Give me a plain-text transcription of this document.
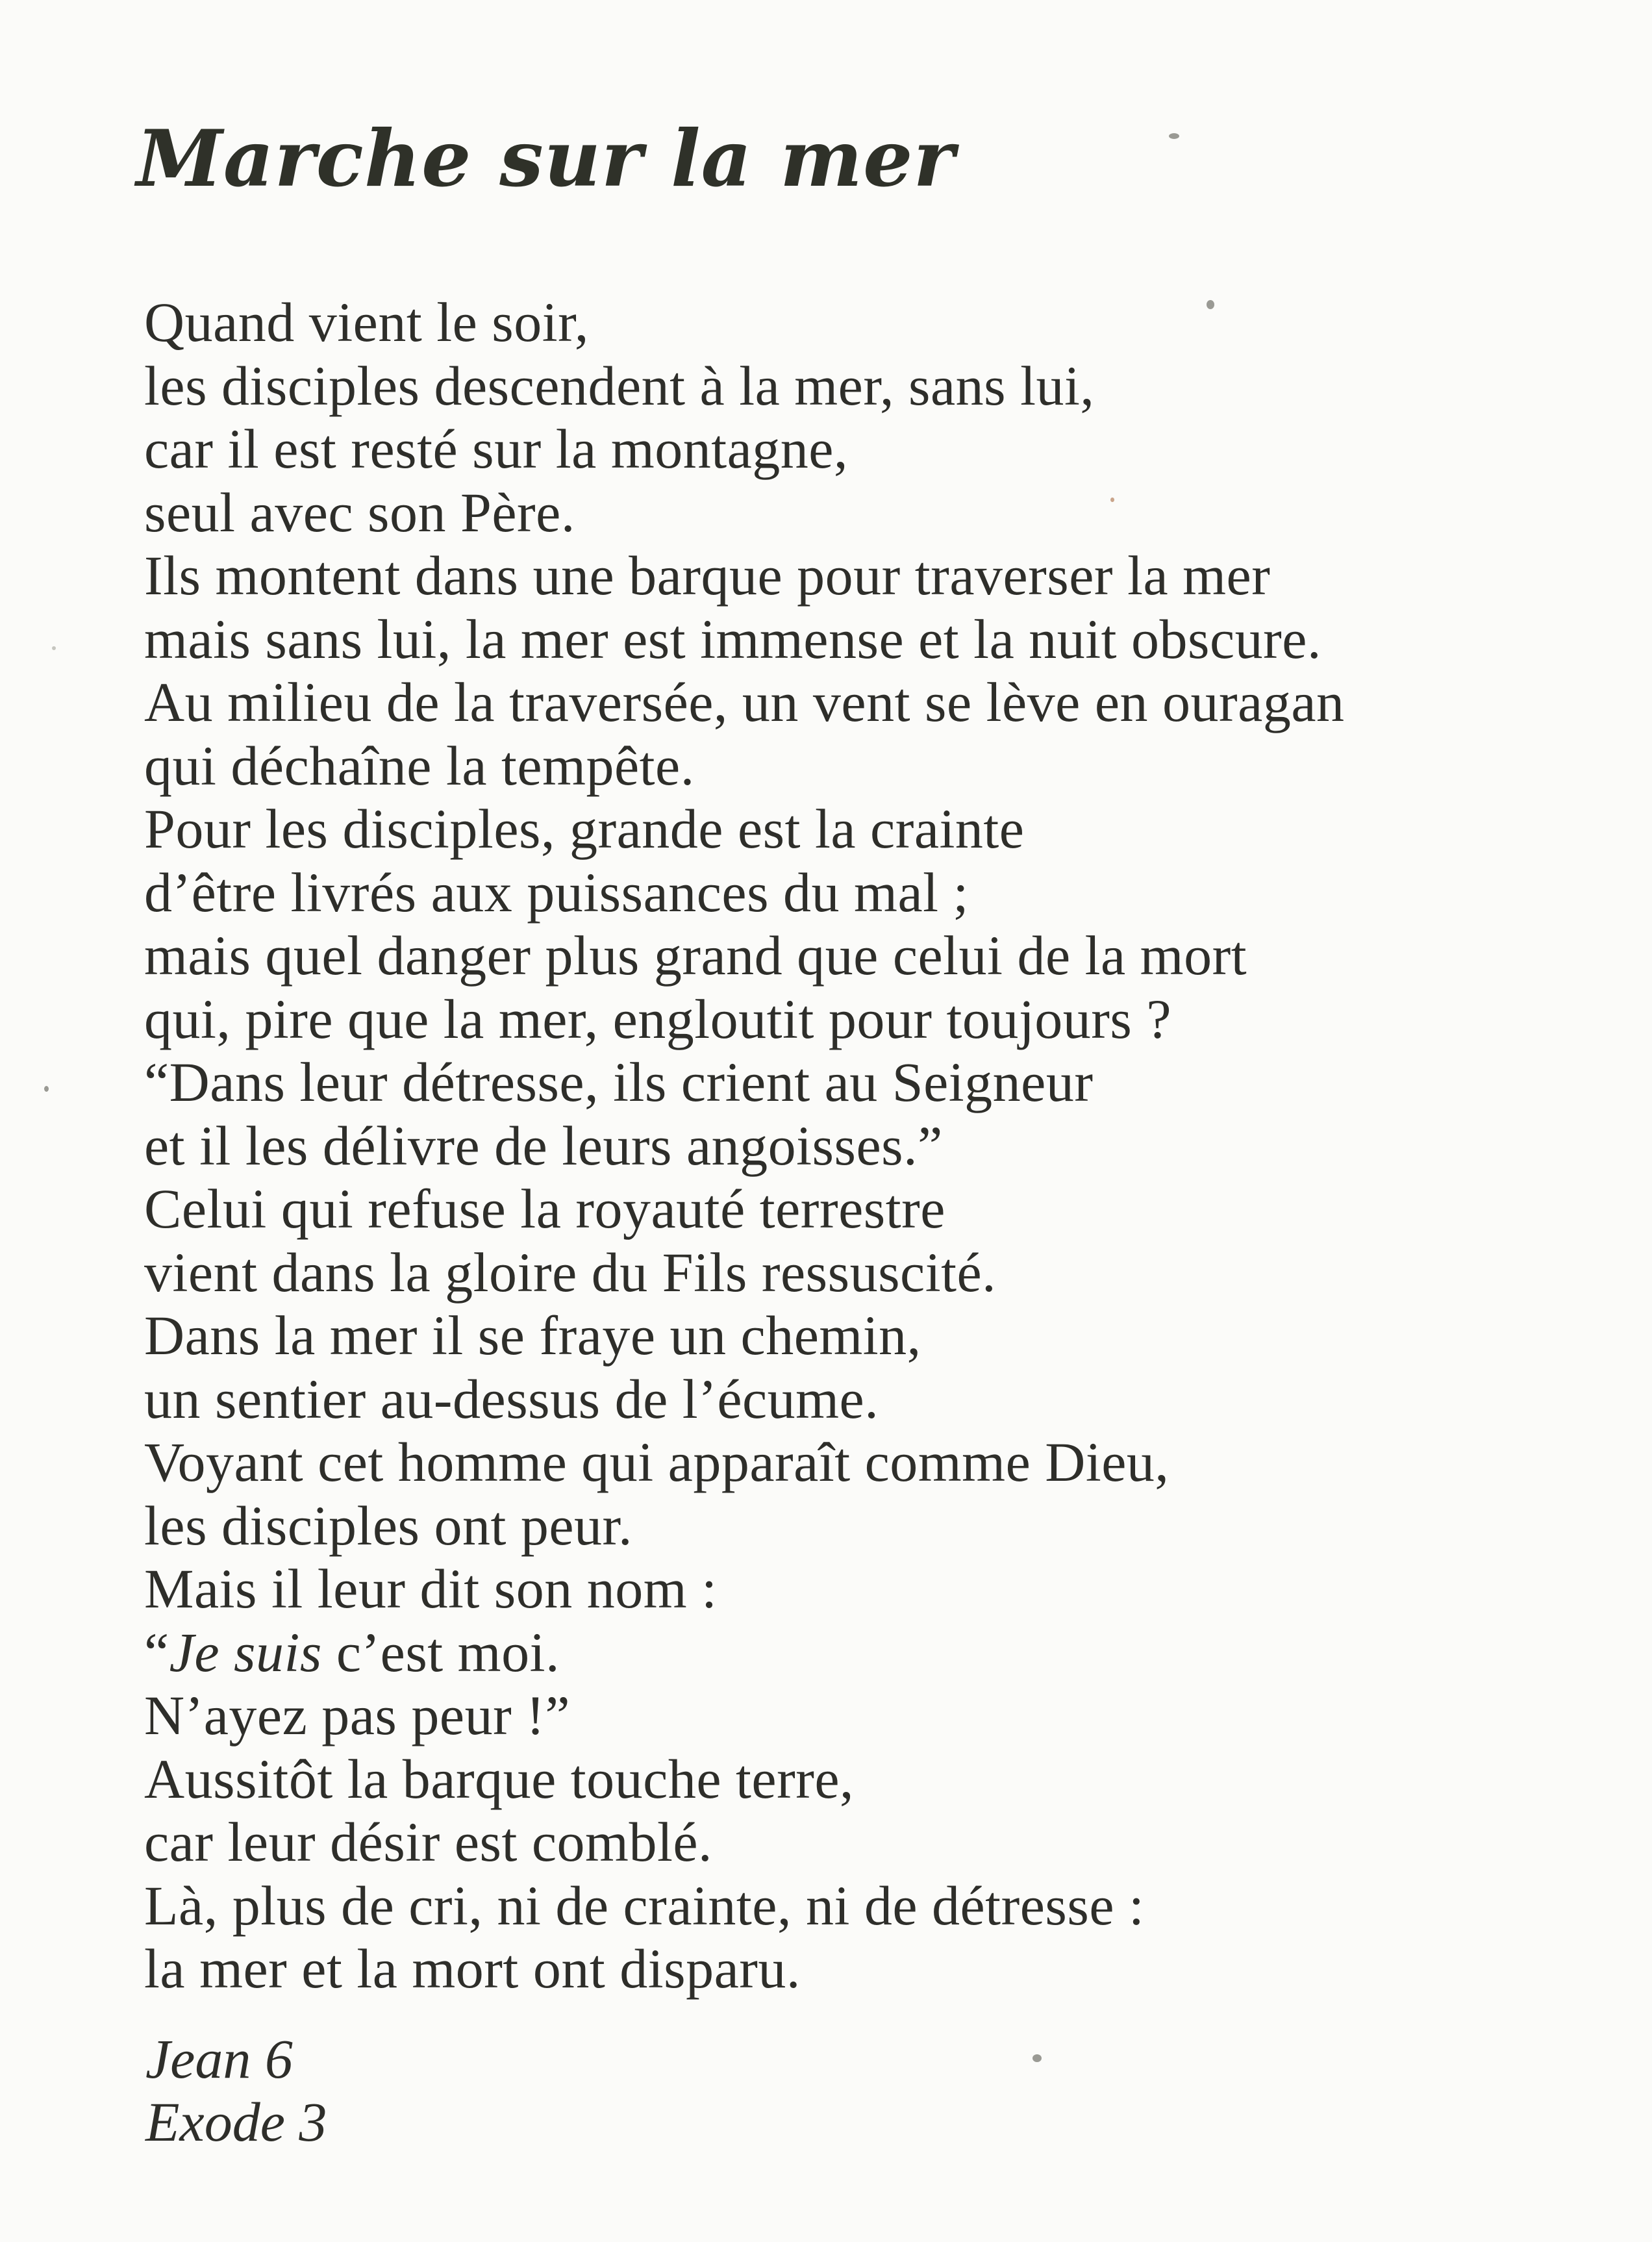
Marche sur la mer
Quand vient le soir,
les disciples descendent à la mer, sans lui,
car il est resté sur la montagne,
seul avec son Père.
Ils montent dans une barque pour traverser la mer
mais sans lui, la mer est immense et la nuit obscure.
Au milieu de la traversée, un vent se lève en ouragan
qui déchaîne la tempête.
Pour les disciples, grande est la crainte
d’être livrés aux puissances du mal ;
mais quel danger plus grand que celui de la mort
qui, pire que la mer, engloutit pour toujours ?
“Dans leur détresse, ils crient au Seigneur
et il les délivre de leurs angoisses.”
Celui qui refuse la royauté terrestre
vient dans la gloire du Fils ressuscité.
Dans la mer il se fraye un chemin,
un sentier au-dessus de l’écume.
Voyant cet homme qui apparaît comme Dieu,
les disciples ont peur.
Mais il leur dit son nom :
“Je suis c’est moi.
N’ayez pas peur !”
Aussitôt la barque touche terre,
car leur désir est comblé.
Là, plus de cri, ni de crainte, ni de détresse :
la mer et la mort ont disparu.
Jean 6
Exode 3
